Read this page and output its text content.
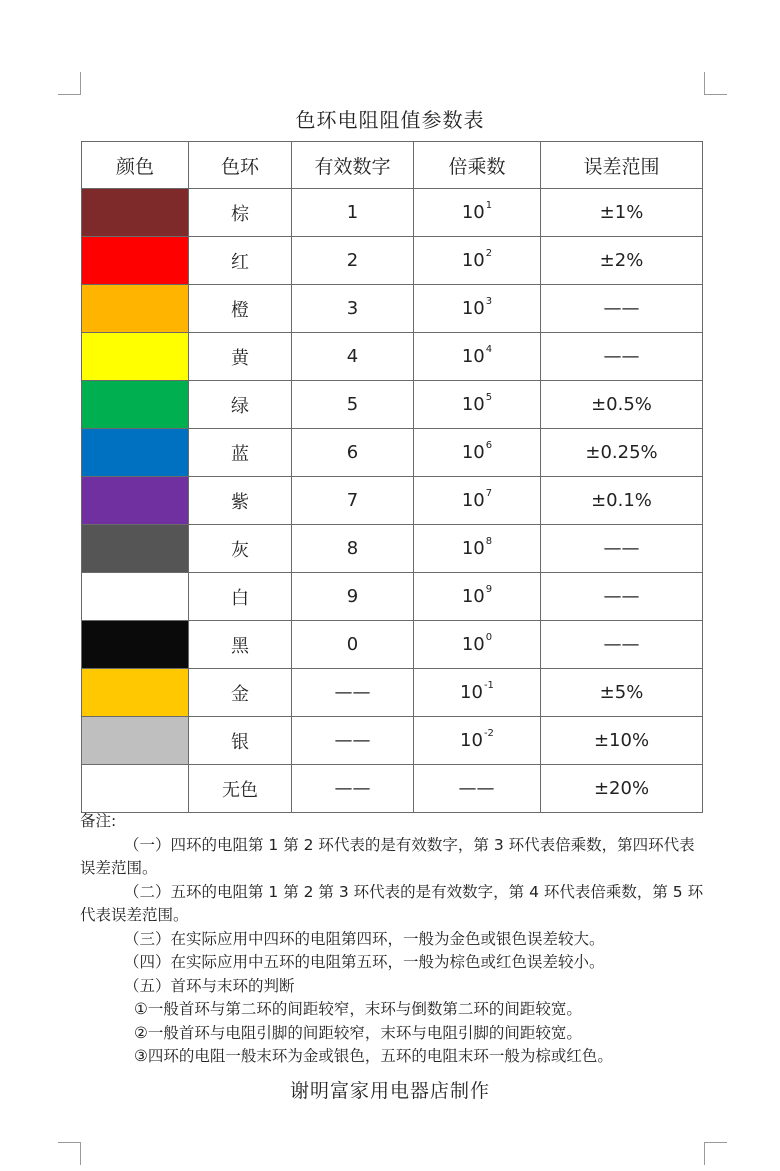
色环电阻阻值参数表
颜色	色环	有效数字	倍乘数	误差范围

	棕	1	$10^1$	±1%

	红	2	$10^2$	±2%

	橙	3	$10^3$	——

	黄	4	$10^4$	——

	绿	5	$10^5$	±0.5%

	蓝	6	$10^6$	±0.25%

	紫	7	$10^7$	±0.1%

	灰	8	$10^8$	——

	白	9	$10^9$	——

	黑	0	$10^0$	——

	金	——	$10^{-1}$	±5%

	银	——	$10^{-2}$	±10%

	无色	——	——	±20%

备注:

（一）四环的电阻第 1 第 2 环代表的是有效数字，第 3 环代表倍乘数，第四环代表误差范围。

（二）五环的电阻第 1 第 2 第 3 环代表的是有效数字，第 4 环代表倍乘数，第 5 环代表误差范围。

（三）在实际应用中四环的电阻第四环，一般为金色或银色误差较大。

（四）在实际应用中五环的电阻第五环，一般为棕色或红色误差较小。

（五）首环与末环的判断

①一般首环与第二环的间距较窄，末环与倒数第二环的间距较宽。

②一般首环与电阻引脚的间距较窄，末环与电阻引脚的间距较宽。

③四环的电阻一般末环为金或银色，五环的电阻末环一般为棕或红色。

谢明富家用电器店制作
